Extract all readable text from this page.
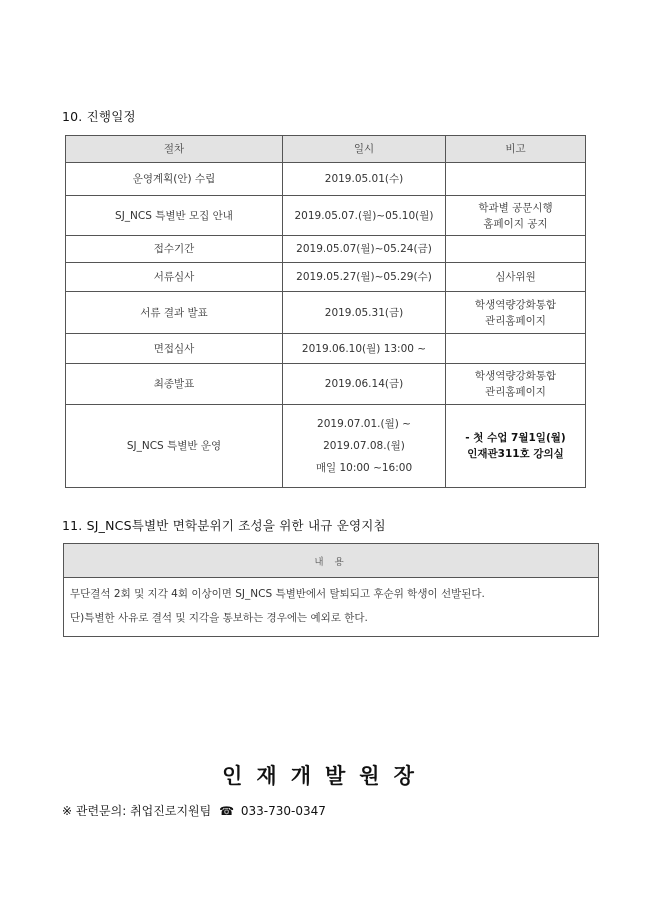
10. 진행일정
절차	일시	비고
운영계획(안) 수립	2019.05.01(수)	
SJ_NCS 특별반 모집 안내	2019.05.07.(월)~05.10(월)	학과별 공문시행
홈페이지 공지

접수기간	2019.05.07(월)~05.24(금)	
서류심사	2019.05.27(월)~05.29(수)	심사위원
서류 결과 발표	2019.05.31(금)	학생역량강화통합
관리홈페이지

면접심사	2019.06.10(월) 13:00 ~	
최종발표	2019.06.14(금)	학생역량강화통합
관리홈페이지

SJ_NCS 특별반 운영	2019.07.01.(월) ~
2019.07.08.(월)
매일 10:00 ~16:00	- 첫 수업 7월1일(월)
인재관311호 강의실
11. SJ_NCS특별반 면학분위기 조성을 위한 내규 운영지침
내 용

무단결석 2회 및 지각 4회 이상이면 SJ_NCS 특별반에서 탈퇴되고 후순위 학생이 선발된다.
단)특별한 사유로 결석 및 지각을 통보하는 경우에는 예외로 한다.
인재개발원장
※ 관련문의: 취업진로지원팀 ☎ 033-730-0347
